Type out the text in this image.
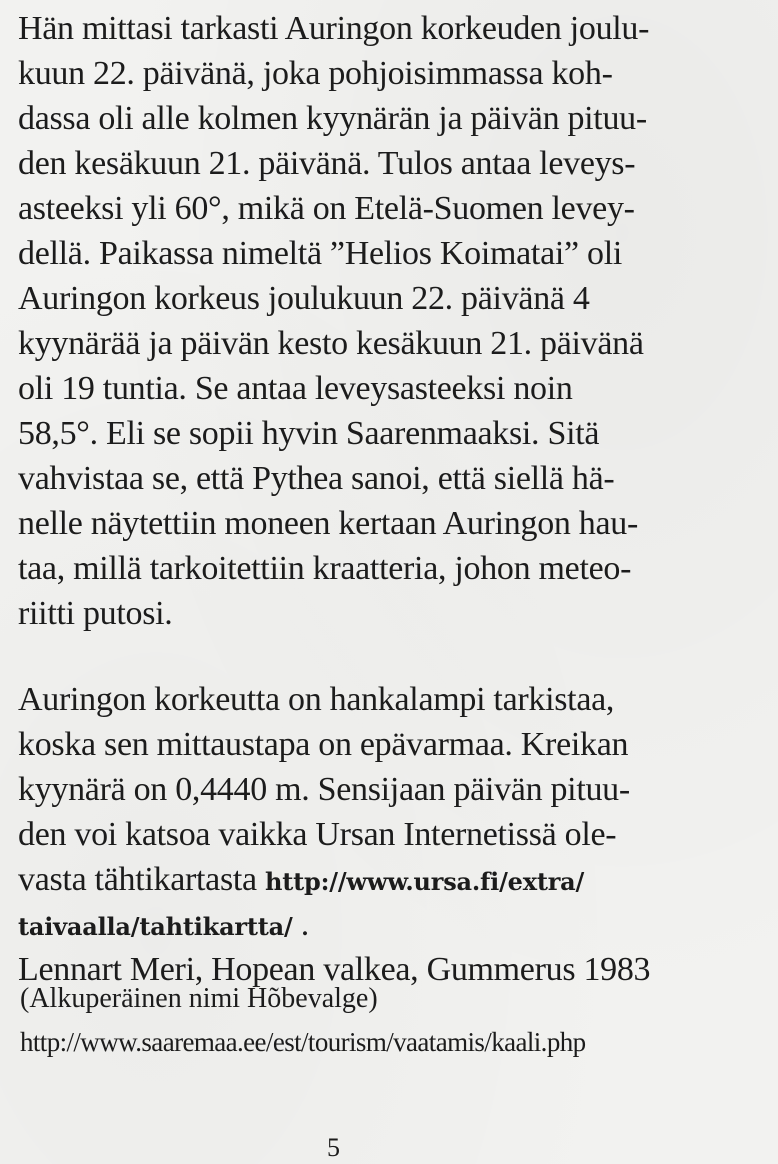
Hän mittasi tarkasti Auringon korkeuden joulu-
kuun 22. päivänä, joka pohjoisimmassa koh-
dassa oli alle kolmen kyynärän ja päivän pituu-
den kesäkuun 21. päivänä. Tulos antaa leveys-
asteeksi yli 60°, mikä on Etelä-Suomen levey-
dellä. Paikassa nimeltä ”Helios Koimatai” oli
Auringon korkeus joulukuun 22. päivänä 4
kyynärää ja päivän kesto kesäkuun 21. päivänä
oli 19 tuntia. Se antaa leveysasteeksi noin
58,5°. Eli se sopii hyvin Saarenmaaksi. Sitä
vahvistaa se, että Pythea sanoi, että siellä hä-
nelle näytettiin moneen kertaan Auringon hau-
taa, millä tarkoitettiin kraatteria, johon meteo-
riitti putosi.
Auringon korkeutta on hankalampi tarkistaa,
koska sen mittaustapa on epävarmaa. Kreikan
kyynärä on 0,4440 m. Sensijaan päivän pituu-
den voi katsoa vaikka Ursan Internetissä ole-
vasta tähtikartasta http://www.ursa.fi/extra/
taivaalla/tahtikartta/ .
Lennart Meri, Hopean valkea, Gummerus 1983
(Alkuperäinen nimi Hõbevalge)
http://www.saaremaa.ee/est/tourism/vaatamis/kaali.php
5
